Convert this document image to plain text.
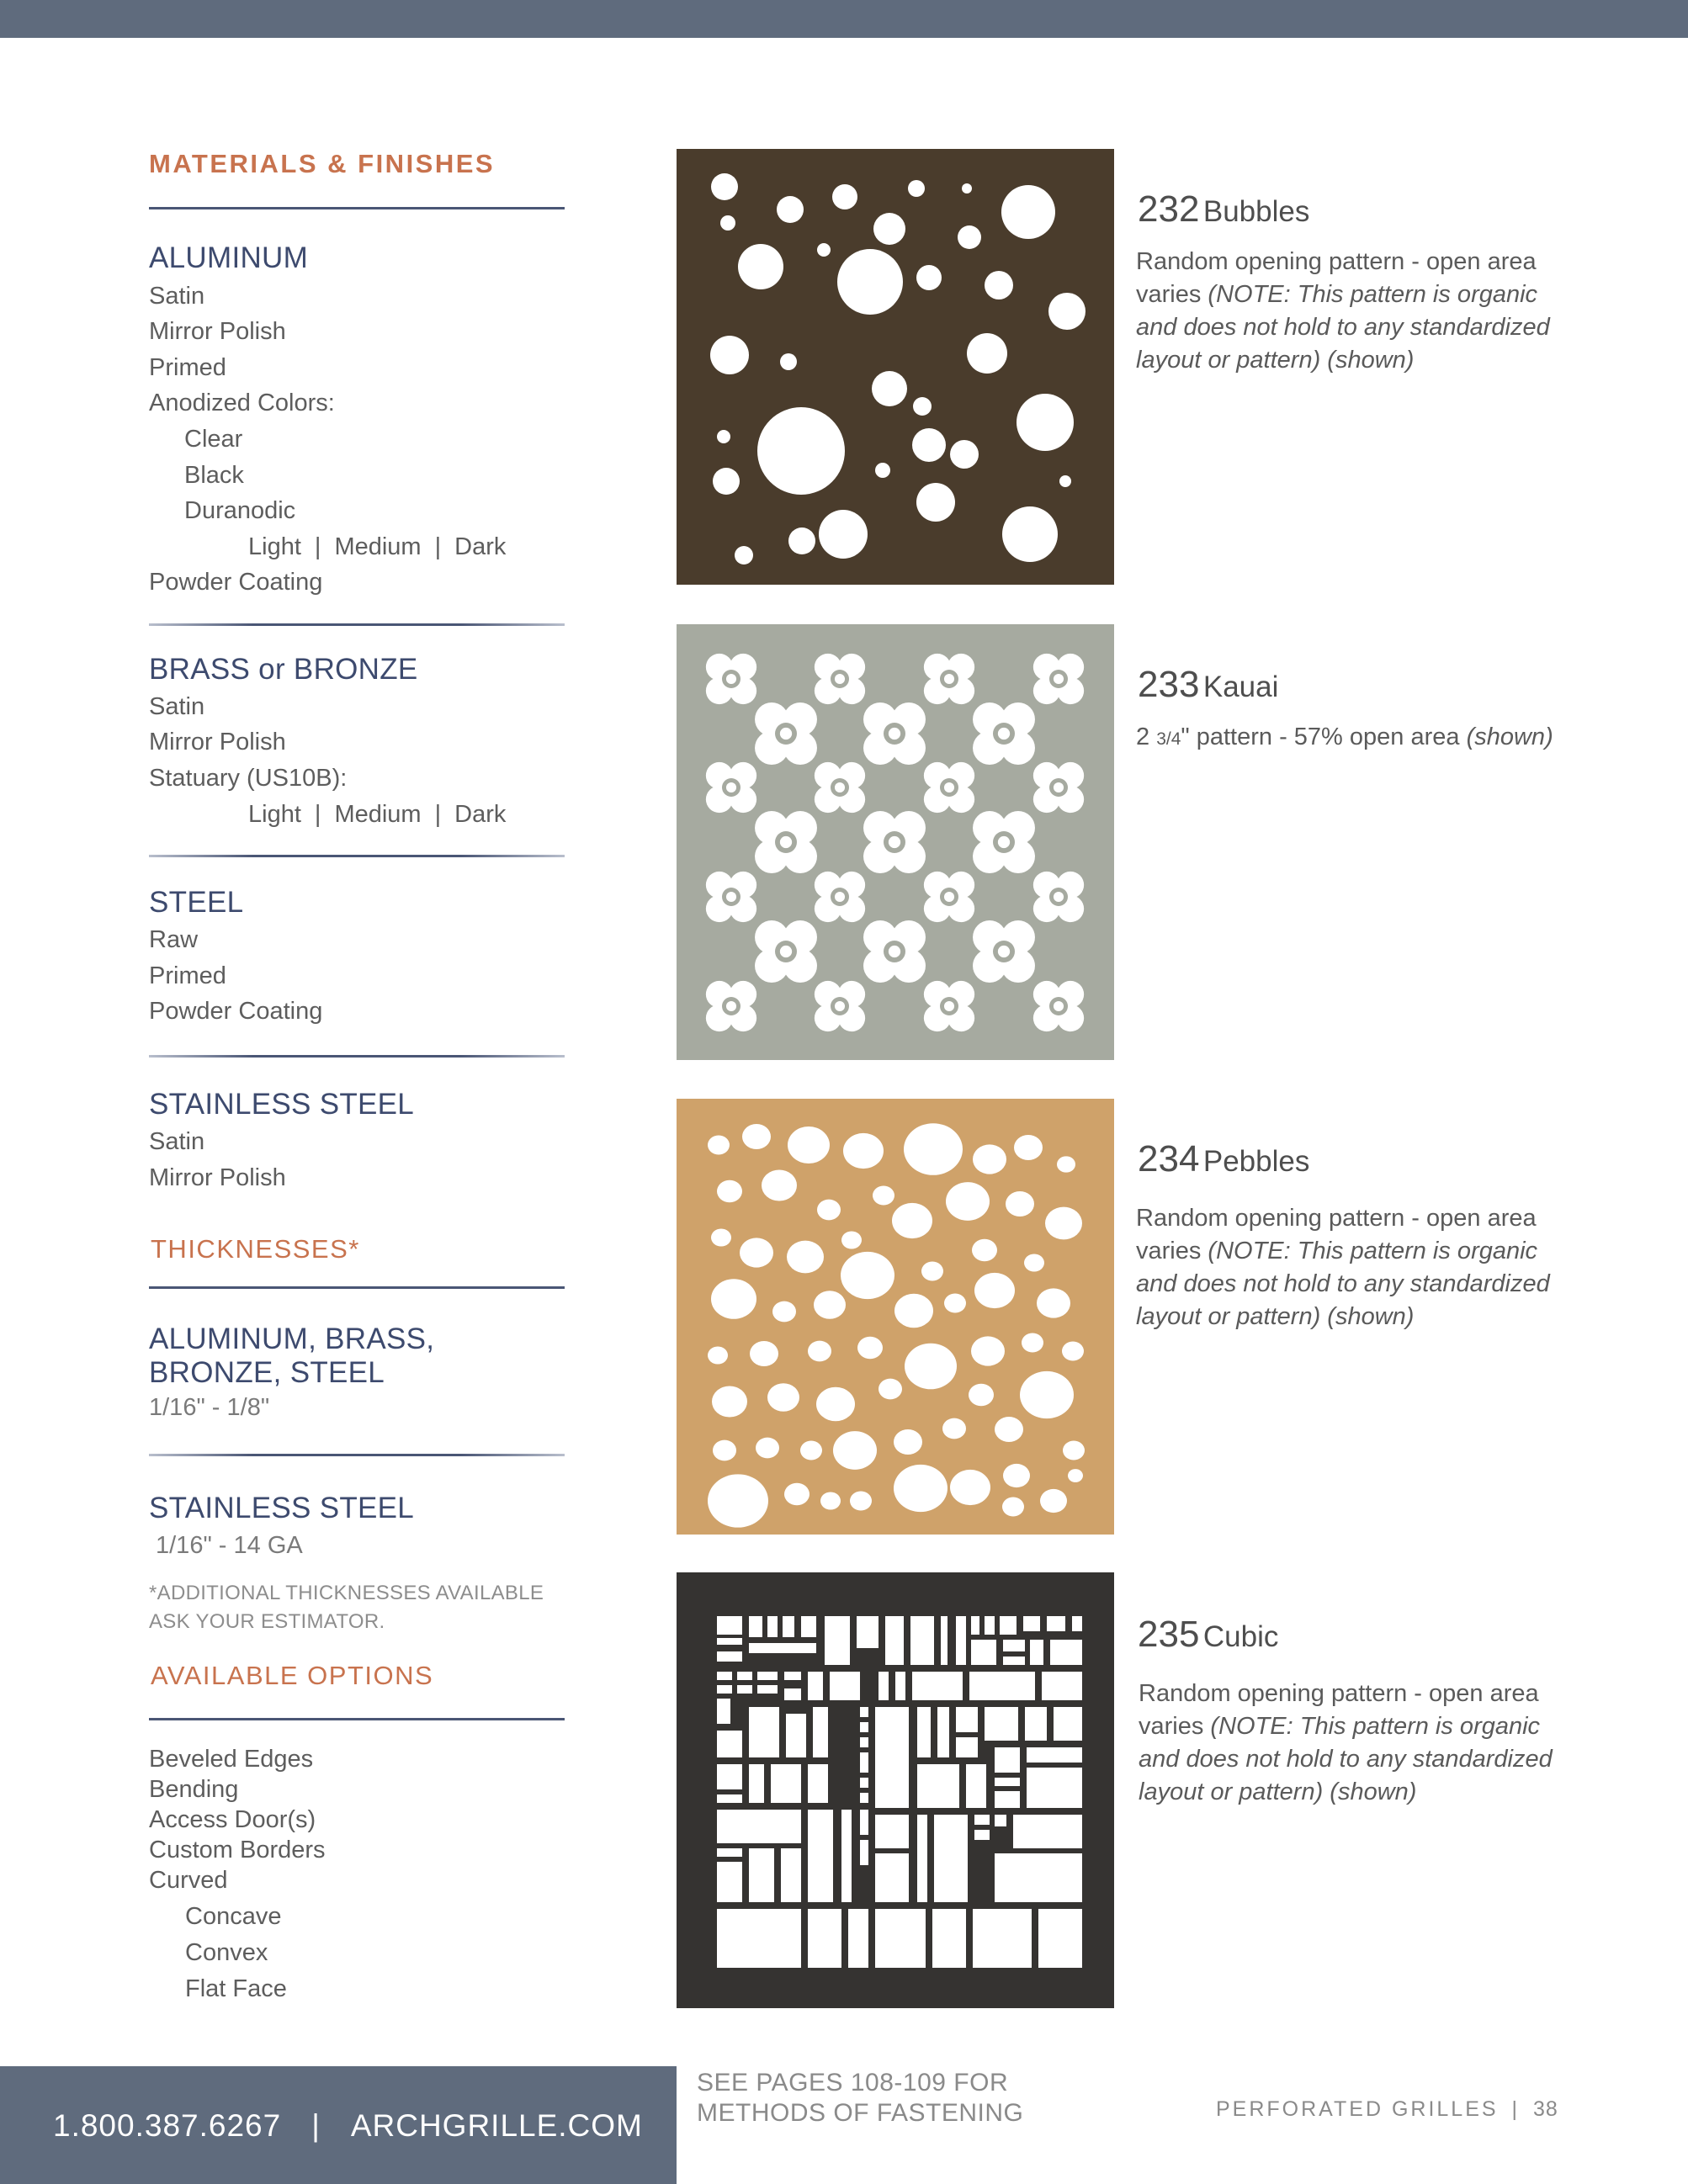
MATERIALS & FINISHES
ALUMINUM
Satin
Mirror Polish
Primed
Anodized Colors:
Clear
Black
Duranodic
Light | Medium | Dark
Powder Coating
BRASS or BRONZE
Satin
Mirror Polish
Statuary (US10B):
Light | Medium | Dark
STEEL
Raw
Primed
Powder Coating
STAINLESS STEEL
Satin
Mirror Polish
THICKNESSES*
ALUMINUM, BRASS,
BRONZE, STEEL
1/16" - 1/8"
STAINLESS STEEL
1/16" - 14 GA
*ADDITIONAL THICKNESSES AVAILABLE
ASK YOUR ESTIMATOR.
AVAILABLE OPTIONS
Beveled Edges
Bending
Access Door(s)
Custom Borders
Curved
Concave
Convex
Flat Face
232 Bubbles
Random opening pattern - open area varies (NOTE: This pattern is organic and does not hold to any standardized layout or pattern) (shown)
233 Kauai
2 3/4" pattern - 57% open area (shown)
234 Pebbles
Random opening pattern - open area varies (NOTE: This pattern is organic and does not hold to any standardized layout or pattern) (shown)
235 Cubic
Random opening pattern - open area varies (NOTE: This pattern is organic and does not hold to any standardized layout or pattern) (shown)
1.800.387.6267 | ARCHGRILLE.COM
SEE PAGES 108-109 FOR
METHODS OF FASTENING	PERFORATED GRILLES | 38
